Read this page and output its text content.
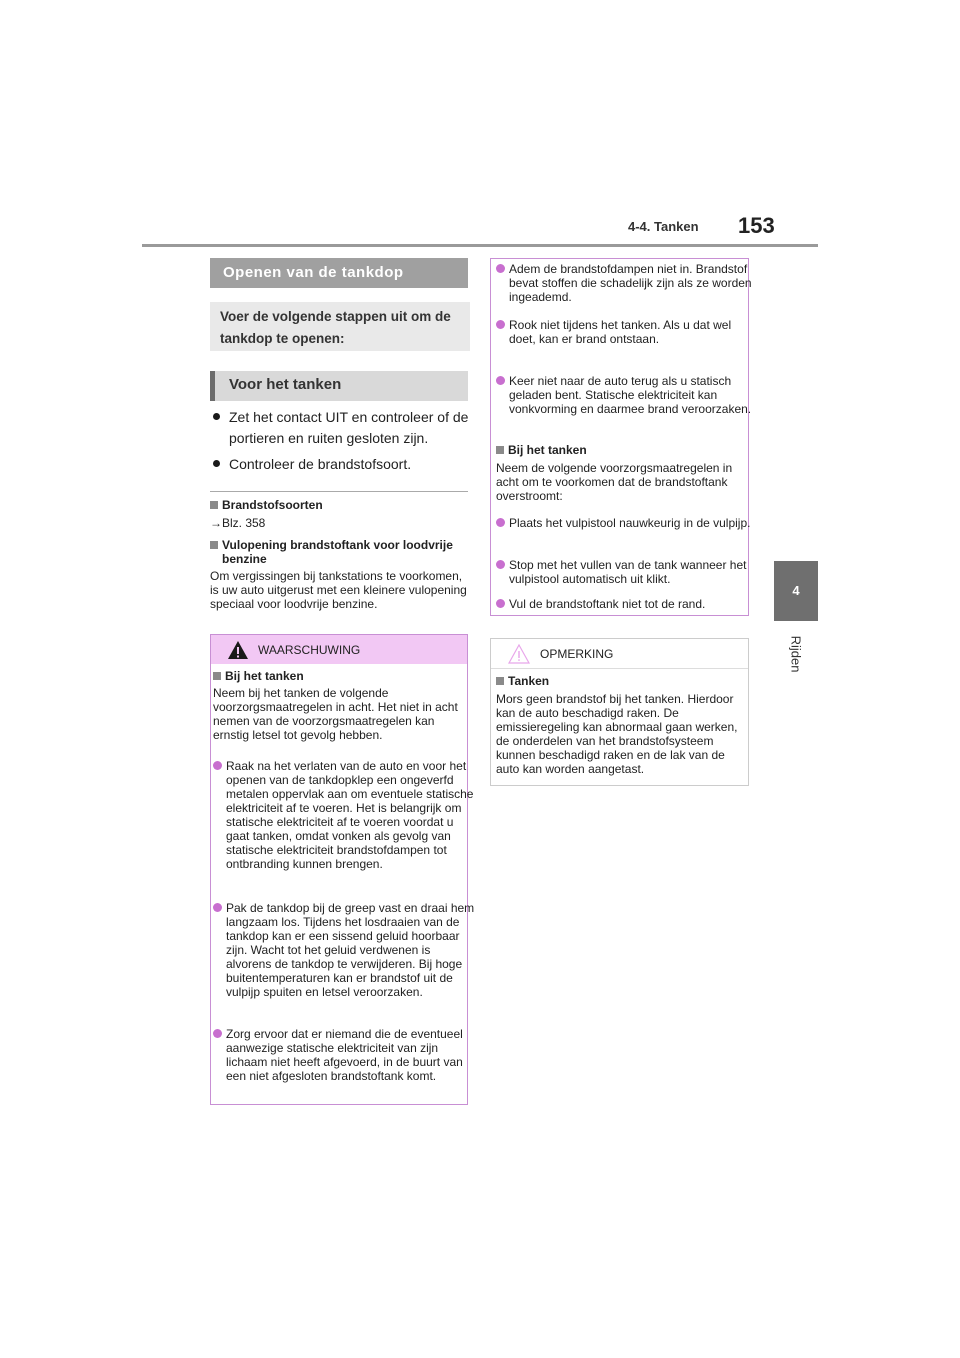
4-4. Tanken 153
4
Rijden
Openen van de tankdop
Voer de volgende stappen uit om de tankdop te openen:
Voor het tanken
Zet het contact UIT en controleer of de portieren en ruiten gesloten zijn.
Controleer de brandstofsoort.
Brandstofsoorten
→Blz. 358
Vulopening brandstoftank voor loodvrije benzine
Om vergissingen bij tankstations te voorkomen, is uw auto uitgerust met een kleinere vulopening speciaal voor loodvrije benzine.
WAARSCHUWING
Bij het tanken
Neem bij het tanken de volgende voorzorgsmaatregelen in acht. Het niet in acht nemen van de voorzorgsmaatregelen kan ernstig letsel tot gevolg hebben.
Raak na het verlaten van de auto en voor het openen van de tankdopklep een ongeverfd metalen oppervlak aan om eventuele statische elektriciteit af te voeren. Het is belangrijk om statische elektriciteit af te voeren voordat u gaat tanken, omdat vonken als gevolg van statische elektriciteit brandstofdampen tot ontbranding kunnen brengen.
Pak de tankdop bij de greep vast en draai hem langzaam los. Tijdens het losdraaien van de tankdop kan er een sissend geluid hoorbaar zijn. Wacht tot het geluid verdwenen is alvorens de tankdop te verwijderen. Bij hoge buitentemperaturen kan er brandstof uit de vulpijp spuiten en letsel veroorzaken.
Zorg ervoor dat er niemand die de eventueel aanwezige statische elektriciteit van zijn lichaam niet heeft afgevoerd, in de buurt van een niet afgesloten brandstoftank komt.
Adem de brandstofdampen niet in. Brandstof bevat stoffen die schadelijk zijn als ze worden ingeademd.
Rook niet tijdens het tanken. Als u dat wel doet, kan er brand ontstaan.
Keer niet naar de auto terug als u statisch geladen bent. Statische elektriciteit kan vonkvorming en daarmee brand veroorzaken.
Bij het tanken
Neem de volgende voorzorgsmaatregelen in acht om te voorkomen dat de brandstoftank overstroomt:
Plaats het vulpistool nauwkeurig in de vulpijp.
Stop met het vullen van de tank wanneer het vulpistool automatisch uit klikt.
Vul de brandstoftank niet tot de rand.
OPMERKING
Tanken
Mors geen brandstof bij het tanken. Hierdoor kan de auto beschadigd raken. De emissieregeling kan abnormaal gaan werken, de onderdelen van het brandstofsysteem kunnen beschadigd raken en de lak van de auto kan worden aangetast.
